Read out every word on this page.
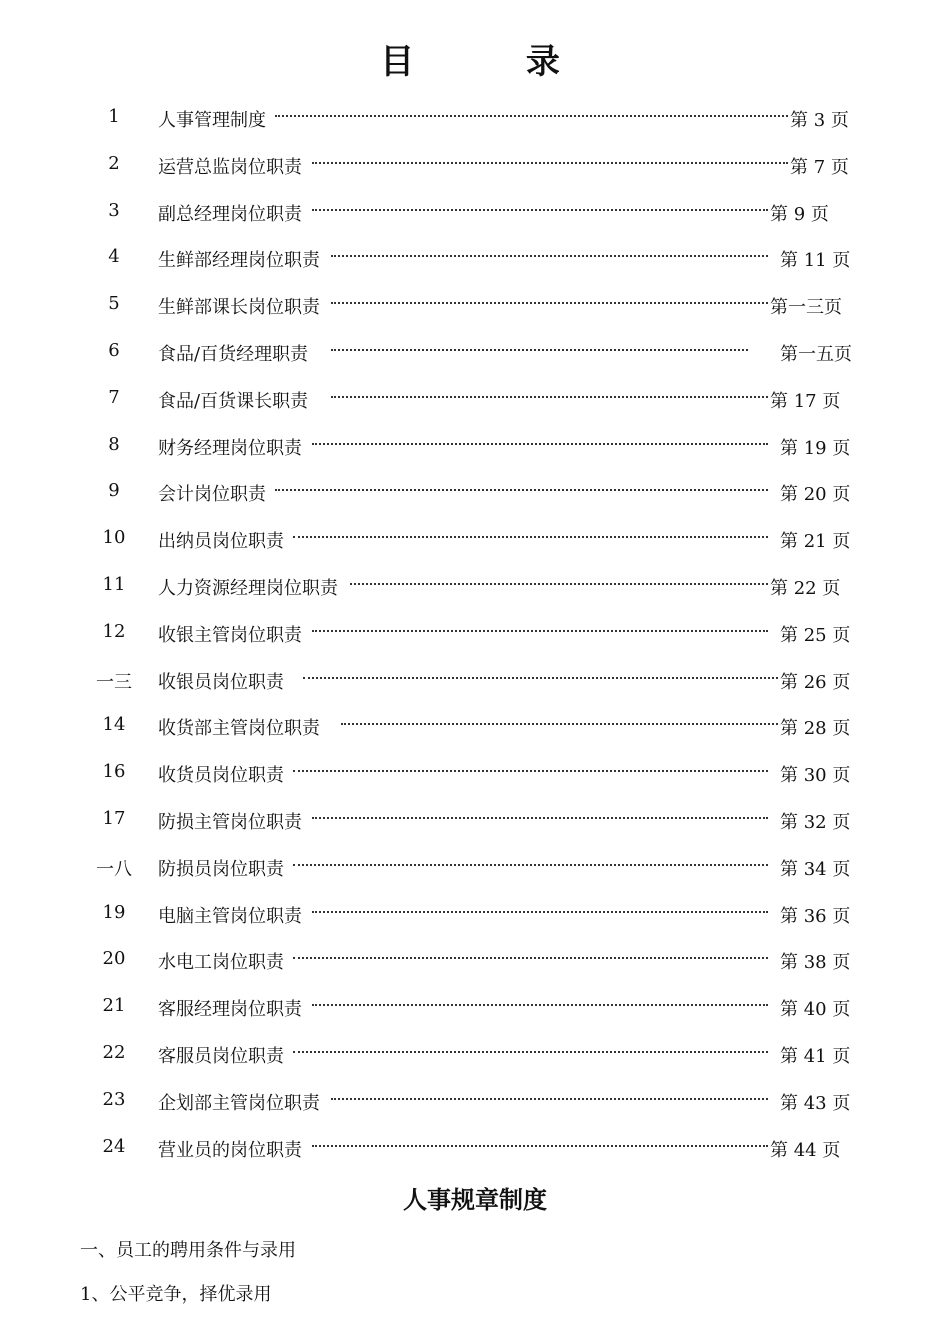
目 录
1	人事管理制度	第 3 页
2	运营总监岗位职责	第 7 页
3	副总经理岗位职责	第 9 页
4	生鲜部经理岗位职责	第 11 页
5	生鲜部课长岗位职责	第一三页
6	食品/百货经理职责	第一五页
7	食品/百货课长职责	第 17 页
8	财务经理岗位职责	第 19 页
9	会计岗位职责	第 20 页
10	出纳员岗位职责	第 21 页
11	人力资源经理岗位职责	第 22 页
12	收银主管岗位职责	第 25 页
一三	收银员岗位职责	第 26 页
14	收货部主管岗位职责	第 28 页
16	收货员岗位职责	第 30 页
17	防损主管岗位职责	第 32 页
一八	防损员岗位职责	第 34 页
19	电脑主管岗位职责	第 36 页
20	水电工岗位职责	第 38 页
21	客服经理岗位职责	第 40 页
22	客服员岗位职责	第 41 页
23	企划部主管岗位职责	第 43 页
24	营业员的岗位职责	第 44 页
人事规章制度

一、员工的聘用条件与录用

1、公平竞争，择优录用
